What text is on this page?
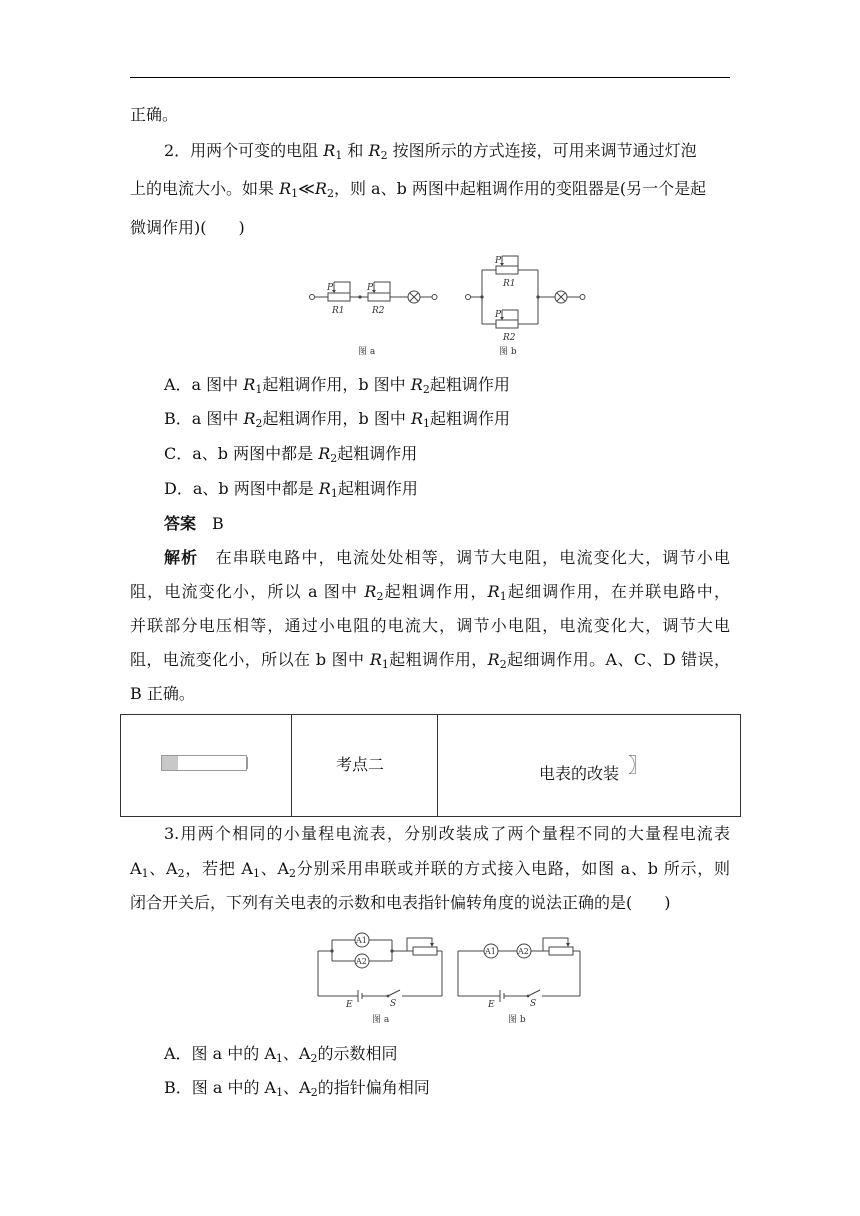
正确。
2．用两个可变的电阻 $R_1$ 和 $R_2$ 按图所示的方式连接，可用来调节通过灯泡
上的电流大小。如果 $R_1≪R_2$，则 a、b 两图中起粗调作用的变阻器是(另一个是起
微调作用)(　　)
P	P
P
P
R1	R2
R1
R2
图 a	图 b
A．a 图中 $R_1$起粗调作用，b 图中 $R_2$起粗调作用
B．a 图中 $R_2$起粗调作用，b 图中 $R_1$起粗调作用
C．a、b 两图中都是 $R_2$起粗调作用
D．a、b 两图中都是 $R_1$起粗调作用
答案　 B
解析　 在串联电路中，电流处处相等，调节大电阻，电流变化大，调节小电
阻，电流变化小，所以 a 图中 $R_2$起粗调作用，$R_1$起细调作用，在并联电路中，
并联部分电压相等，通过小电阻的电流大，调节小电阻，电流变化大，调节大电
阻，电流变化小，所以在 b 图中 $R_1$起粗调作用，$R_2$起细调作用。A、C、D 错误，
B 正确。
考点二	电表的改装 〗
3.用两个相同的小量程电流表，分别改装成了两个量程不同的大量程电流表
$A_1$、$A_2$，若把 $A_1$、$A_2$分别采用串联或并联的方式接入电路，如图 a、b 所示，则
闭合开关后，下列有关电表的示数和电表指针偏转角度的说法正确的是(　　)
A1
A2
A1	A2
E	S	E	S
图 a	图 b
A．图 a 中的 $A_1$、$A_2$的示数相同
B．图 a 中的 $A_1$、$A_2$的指针偏角相同
